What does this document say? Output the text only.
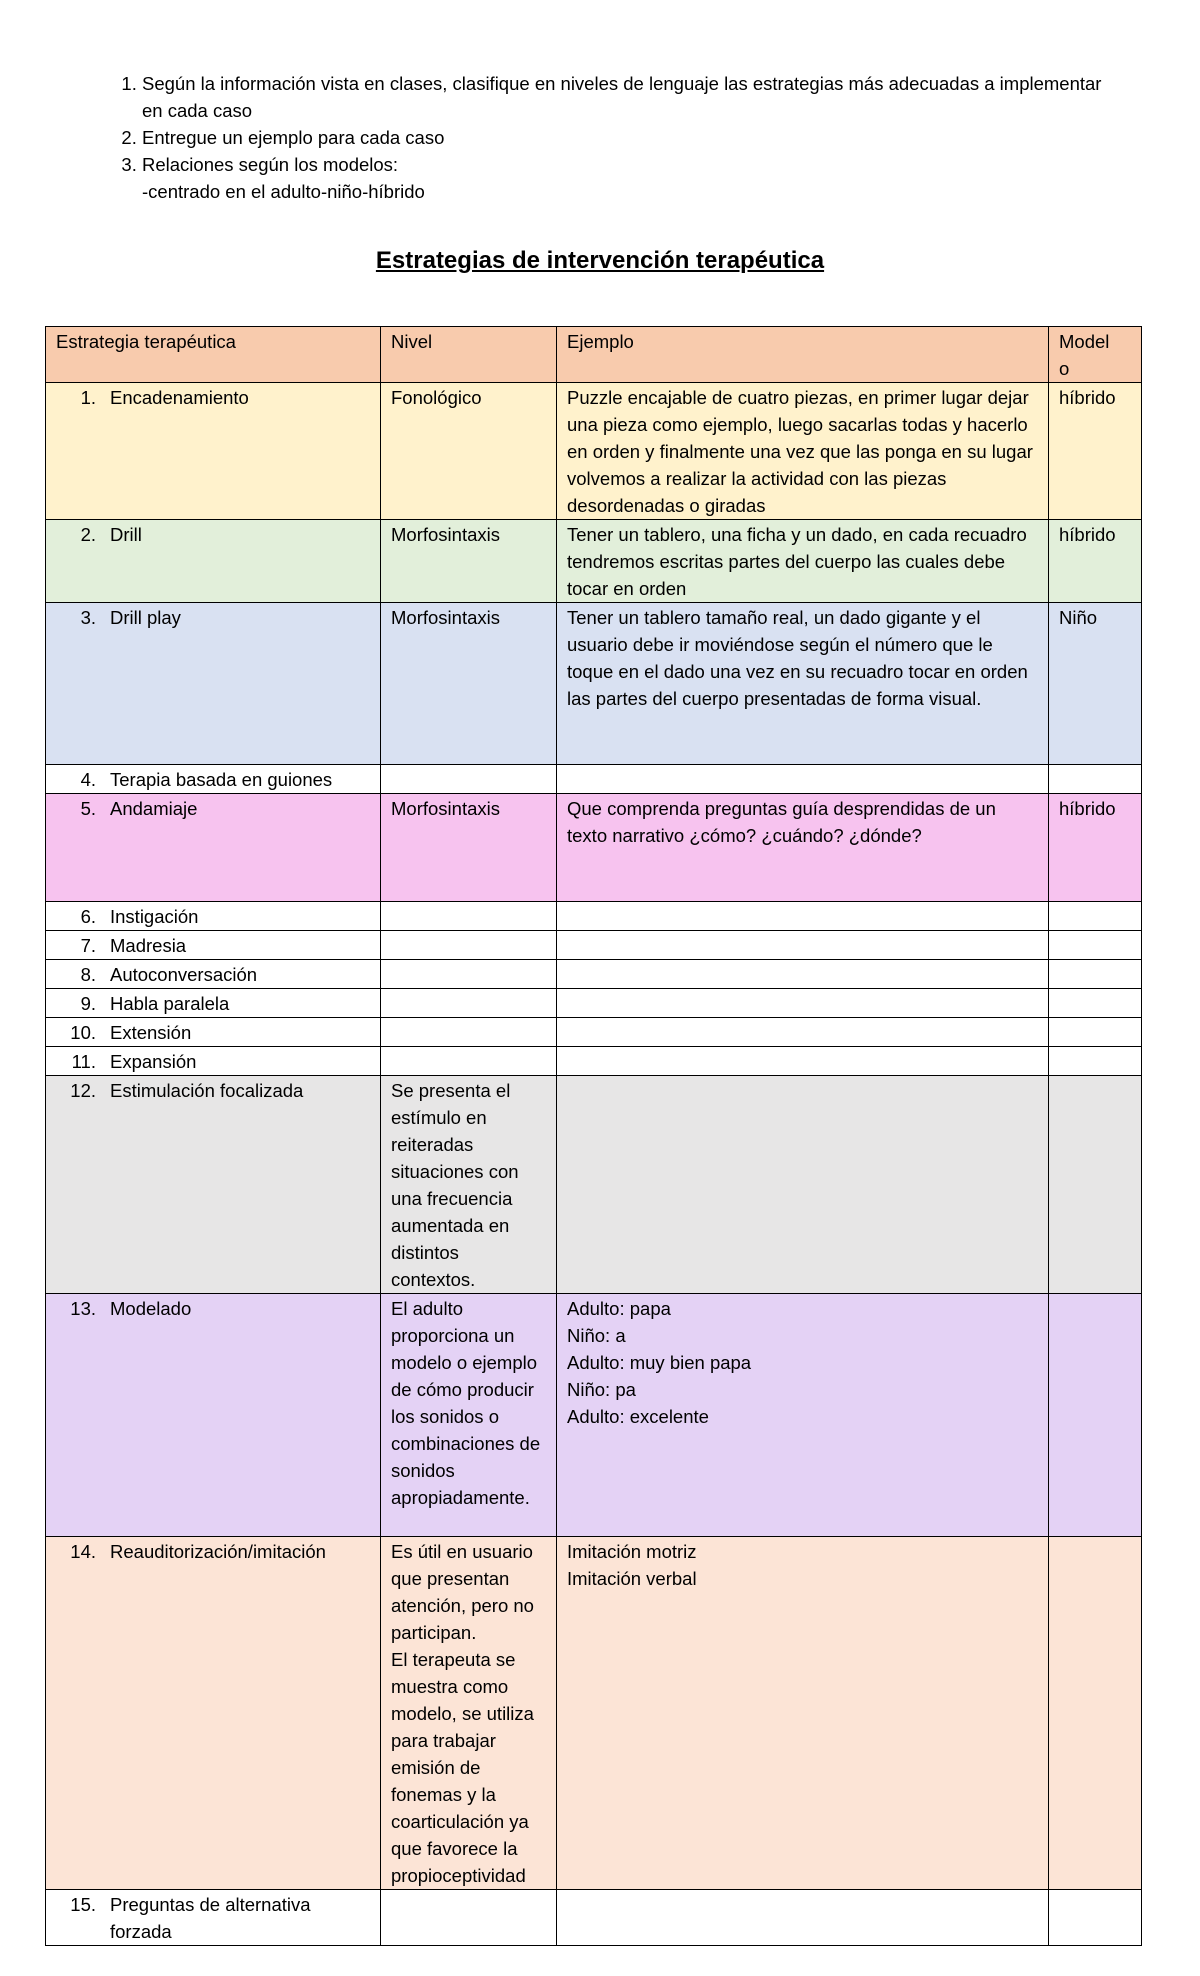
1. Según la información vista en clases, clasifique en niveles de lenguaje las estrategias más adecuadas a implementar en cada caso
2. Entregue un ejemplo para cada caso
3. Relaciones según los modelos:
-centrado en el adulto-niño-híbrido
Estrategias de intervención terapéutica
Estrategia terapéutica	Nivel	Ejemplo	Model
o

1. Encadenamiento	Fonológico	Puzzle encajable de cuatro piezas, en primer lugar dejar una pieza como ejemplo, luego sacarlas todas y hacerlo en orden y finalmente una vez que las ponga en su lugar volvemos a realizar la actividad con las piezas desordenadas o giradas	híbrido

2. Drill	Morfosintaxis	Tener un tablero, una ficha y un dado, en cada recuadro tendremos escritas partes del cuerpo las cuales debe tocar en orden	híbrido

3. Drill play	Morfosintaxis	Tener un tablero tamaño real, un dado gigante y el usuario debe ir moviéndose según el número que le toque en el dado una vez en su recuadro tocar en orden las partes del cuerpo presentadas de forma visual.	Niño

4. Terapia basada en guiones			

5. Andamiaje	Morfosintaxis	Que comprenda preguntas guía desprendidas de un texto narrativo ¿cómo? ¿cuándo? ¿dónde?	híbrido

6. Instigación			

7. Madresia			

8. Autoconversación			

9. Habla paralela			

10. Extensión			

11. Expansión			

12. Estimulación focalizada	Se presenta el estímulo en reiteradas situaciones con una frecuencia aumentada en distintos contextos.		

13. Modelado	El adulto proporciona un modelo o ejemplo de cómo producir los sonidos o combinaciones de sonidos apropiadamente.	Adulto: papa
Niño: a
Adulto: muy bien papa
Niño: pa
Adulto: excelente	

14. Reauditorización/imitación	Es útil en usuario que presentan atención, pero no participan.
El terapeuta se muestra como modelo, se utiliza para trabajar emisión de fonemas y la coarticulación ya que favorece la propioceptividad	Imitación motriz
Imitación verbal	

15. Preguntas de alternativa forzada			
